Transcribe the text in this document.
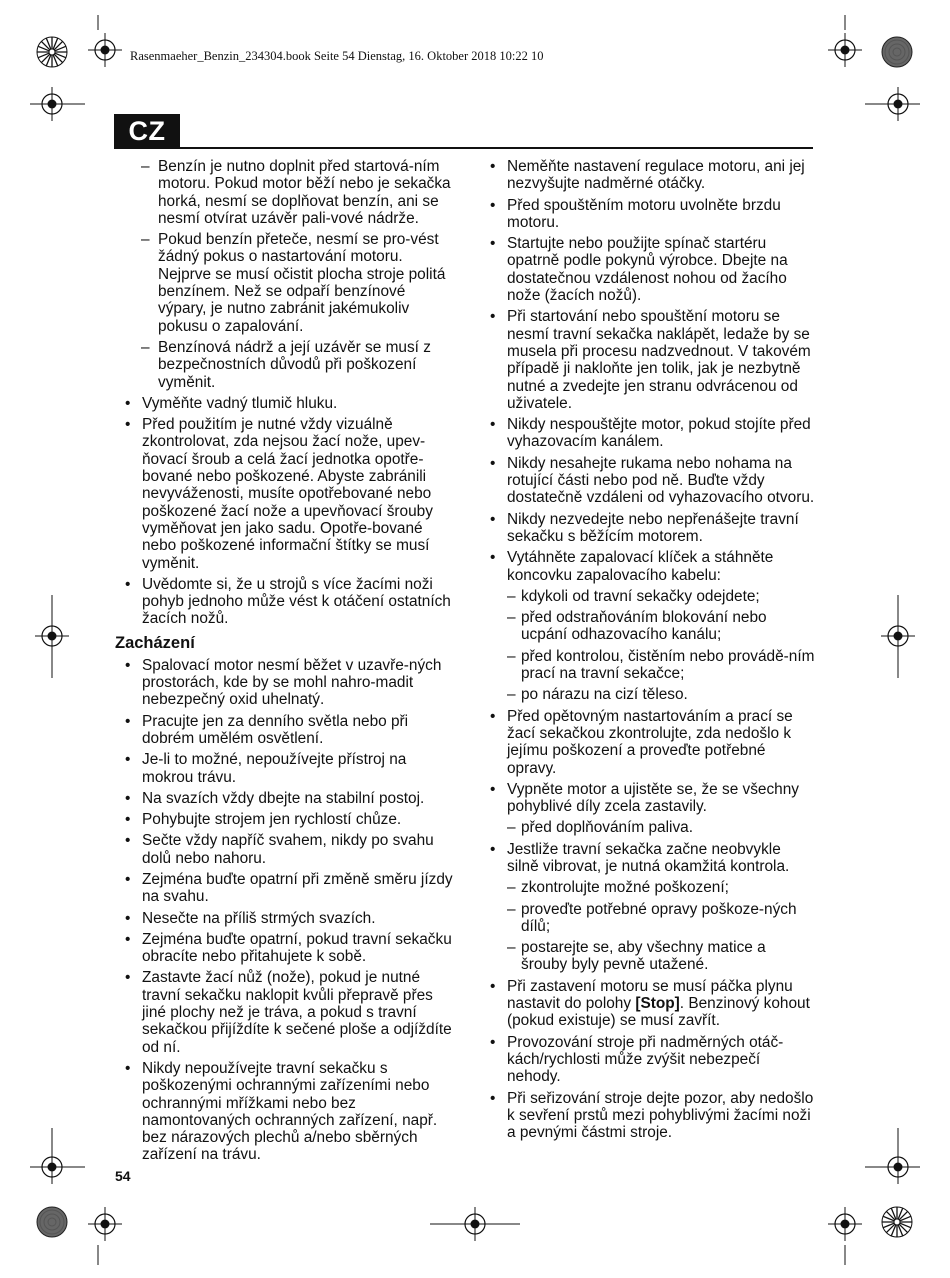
Rasenmaeher_Benzin_234304.book Seite 54 Dienstag, 16. Oktober 2018 10:22 10
CZ
– Benzín je nutno doplnit před startová-ním motoru. Pokud motor běží nebo je sekačka horká, nesmí se doplňovat benzín, ani se nesmí otvírat uzávěr pali-vové nádrže.
– Pokud benzín přeteče, nesmí se pro-vést žádný pokus o nastartování motoru. Nejprve se musí očistit plocha stroje politá benzínem. Než se odpaří benzínové výpary, je nutno zabránit jakémukoliv pokusu o zapalování.
– Benzínová nádrž a její uzávěr se musí z bezpečnostních důvodů při poškození vyměnit.
• Vyměňte vadný tlumič hluku.
• Před použitím je nutné vždy vizuálně zkontrolovat, zda nejsou žací nože, upev-ňovací šroub a celá žací jednotka opotře-bované nebo poškozené. Abyste zabránili nevyváženosti, musíte opotřebované nebo poškozené žací nože a upevňovací šrouby vyměňovat jen jako sadu. Opotře-bované nebo poškozené informační štítky se musí vyměnit.
• Uvědomte si, že u strojů s více žacími noži pohyb jednoho může vést k otáčení ostatních žacích nožů.
Zacházení
• Spalovací motor nesmí běžet v uzavře-ných prostorách, kde by se mohl nahro-madit nebezpečný oxid uhelnatý.
• Pracujte jen za denního světla nebo při dobrém umělém osvětlení.
• Je-li to možné, nepoužívejte přístroj na mokrou trávu.
• Na svazích vždy dbejte na stabilní postoj.
• Pohybujte strojem jen rychlostí chůze.
• Sečte vždy napříč svahem, nikdy po svahu dolů nebo nahoru.
• Zejména buďte opatrní při změně směru jízdy na svahu.
• Nesečte na příliš strmých svazích.
• Zejména buďte opatrní, pokud travní sekačku obracíte nebo přitahujete k sobě.
• Zastavte žací nůž (nože), pokud je nutné travní sekačku naklopit kvůli přepravě přes jiné plochy než je tráva, a pokud s travní sekačkou přijíždíte k sečené ploše a odjíždíte od ní.
• Nikdy nepoužívejte travní sekačku s poškozenými ochrannými zařízeními nebo ochrannými mřížkami nebo bez namontovaných ochranných zařízení, např. bez nárazových plechů a/nebo sběrných zařízení na trávu.
• Neměňte nastavení regulace motoru, ani jej nezvyšujte nadměrné otáčky.
• Před spouštěním motoru uvolněte brzdu motoru.
• Startujte nebo použijte spínač startéru opatrně podle pokynů výrobce. Dbejte na dostatečnou vzdálenost nohou od žacího nože (žacích nožů).
• Při startování nebo spouštění motoru se nesmí travní sekačka naklápět, ledaže by se musela při procesu nadzvednout. V takovém případě ji nakloňte jen tolik, jak je nezbytně nutné a zvedejte jen stranu odvrácenou od uživatele.
• Nikdy nespouštějte motor, pokud stojíte před vyhazovacím kanálem.
• Nikdy nesahejte rukama nebo nohama na rotující části nebo pod ně. Buďte vždy dostatečně vzdáleni od vyhazovacího otvoru.
• Nikdy nezvedejte nebo nepřenášejte travní sekačku s běžícím motorem.
• Vytáhněte zapalovací klíček a stáhněte koncovku zapalovacího kabelu:
– kdykoli od travní sekačky odejdete;
– před odstraňováním blokování nebo ucpání odhazovacího kanálu;
– před kontrolou, čistěním nebo provádě-ním prací na travní sekačce;
– po nárazu na cizí těleso.
• Před opětovným nastartováním a prací se žací sekačkou zkontrolujte, zda nedošlo k jejímu poškození a proveďte potřebné opravy.
• Vypněte motor a ujistěte se, že se všechny pohyblivé díly zcela zastavily.
– před doplňováním paliva.
• Jestliže travní sekačka začne neobvykle silně vibrovat, je nutná okamžitá kontrola.
– zkontrolujte možné poškození;
– proveďte potřebné opravy poškoze-ných dílů;
– postarejte se, aby všechny matice a šrouby byly pevně utažené.
• Při zastavení motoru se musí páčka plynu nastavit do polohy [Stop]. Benzinový kohout (pokud existuje) se musí zavřít.
• Provozování stroje při nadměrných otáč-kách/rychlosti může zvýšit nebezpečí nehody.
• Při seřizování stroje dejte pozor, aby nedošlo k sevření prstů mezi pohyblivými žacími noži a pevnými částmi stroje.
54
